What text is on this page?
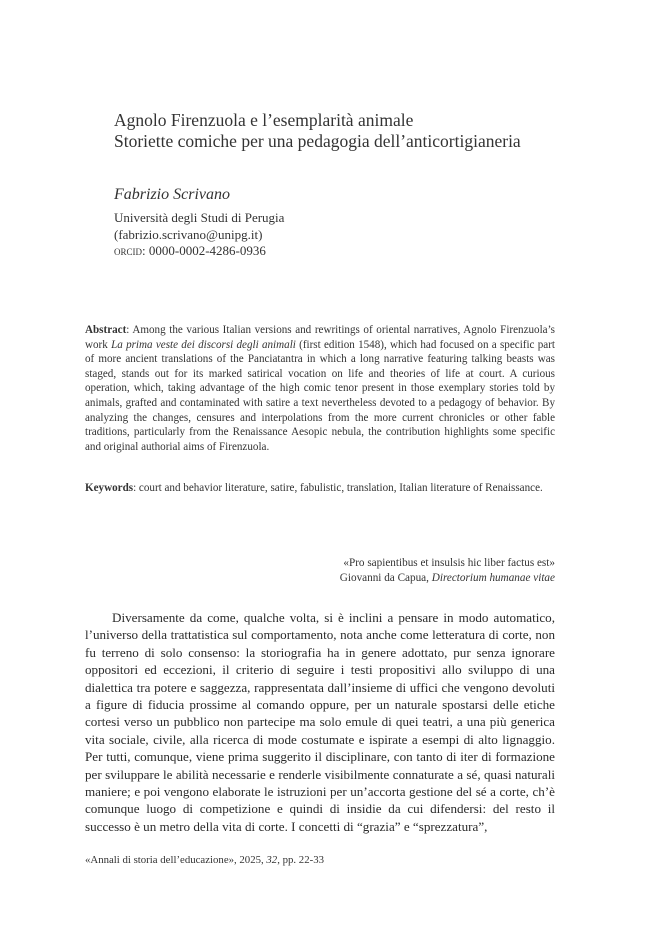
Agnolo Firenzuola e l’esemplarità animale
Storiette comiche per una pedagogia dell’anticortigianeria
Fabrizio Scrivano
Università degli Studi di Perugia
(fabrizio.scrivano@unipg.it)
orcid: 0000-0002-4286-0936
Abstract: Among the various Italian versions and rewritings of oriental narratives, Agnolo Firenzuola’s work La prima veste dei discorsi degli animali (first edition 1548), which had focused on a specific part of more ancient translations of the Panciatantra in which a long narrative featuring talking beasts was staged, stands out for its marked satirical vocation on life and theories of life at court. A curious operation, which, taking advantage of the high comic tenor present in those exemplary stories told by animals, grafted and contaminated with satire a text nevertheless devoted to a pedagogy of behavior. By analyzing the changes, censures and interpolations from the more current chronicles or other fable traditions, particularly from the Renaissance Aesopic nebula, the contribution highlights some specific and original authorial aims of Firenzuola.
Keywords: court and behavior literature, satire, fabulistic, translation, Italian literature of Renaissance.
«Pro sapientibus et insulsis hic liber factus est»
Giovanni da Capua, Directorium humanae vitae

Diversamente da come, qualche volta, si è inclini a pensare in modo automatico, l’universo della trattatistica sul comportamento, nota anche come letteratura di corte, non fu terreno di solo consenso: la storiografia ha in genere adottato, pur senza ignorare oppositori ed eccezioni, il criterio di seguire i testi propositivi allo sviluppo di una dialettica tra potere e saggezza, rappresentata dall’insieme di uffici che vengono devoluti a figure di fiducia prossime al comando oppure, per un naturale spostarsi delle etiche cortesi verso un pubblico non partecipe ma solo emule di quei teatri, a una più generica vita sociale, civile, alla ricerca di mode costumate e ispirate a esempi di alto lignaggio. Per tutti, comunque, viene prima suggerito il disciplinare, con tanto di iter di formazione per sviluppare le abilità necessarie e renderle visibilmente connaturate a sé, quasi naturali maniere; e poi vengono elaborate le istruzioni per un’accorta gestione del sé a corte, ch’è comunque luogo di competizione e quindi di insidie da cui difendersi: del resto il successo è un metro della vita di corte. I concetti di “grazia” e “sprezzatura”,

«Annali di storia dell’educazione», 2025, 32, pp. 22-33
